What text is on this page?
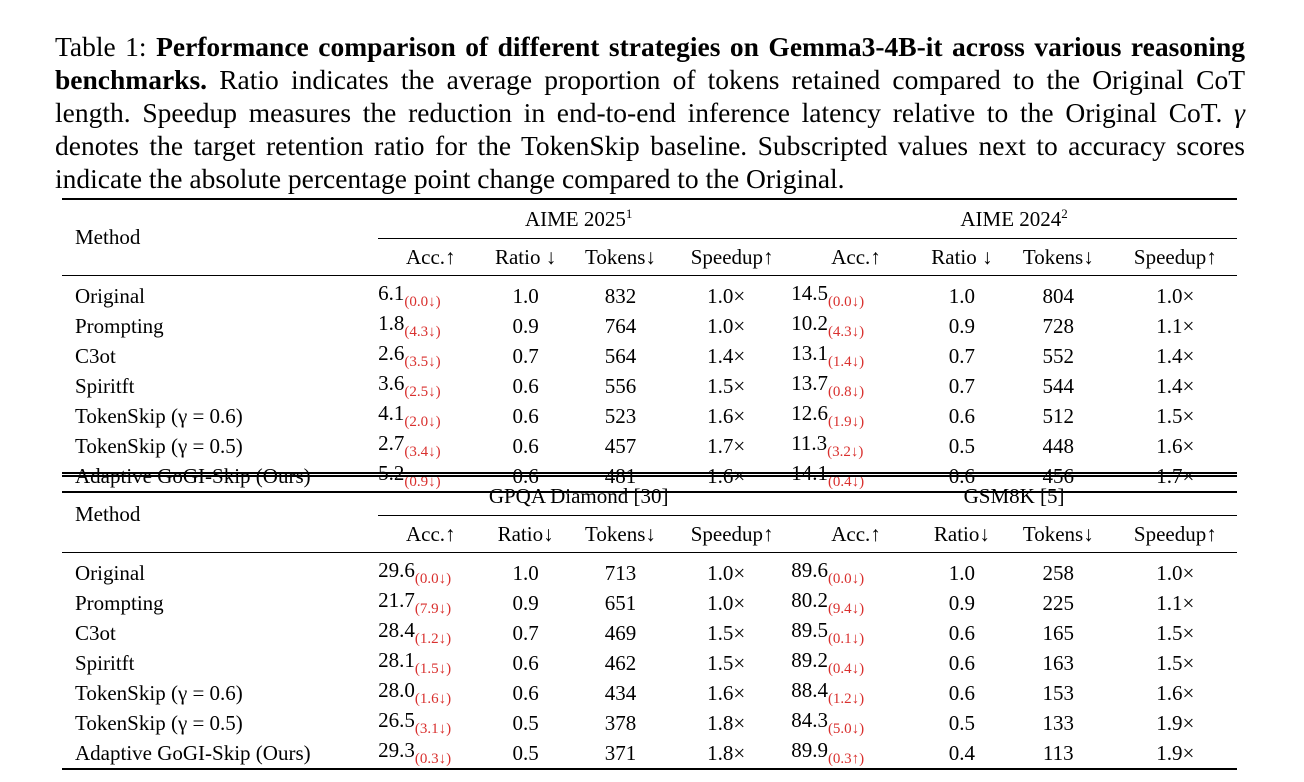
Table 1: Performance comparison of different strategies on Gemma3-4B-it across various reasoning benchmarks. Ratio indicates the average proportion of tokens retained compared to the Original CoT length. Speedup measures the reduction in end-to-end inference latency relative to the Original CoT. γ denotes the target retention ratio for the TokenSkip baseline. Subscripted values next to accuracy scores indicate the absolute percentage point change compared to the Original.
Method	AIME 2025$^1$				AIME 2024$^2$
	Acc.↑	Ratio ↓	Tokens↓	Speedup↑	Acc.↑	Ratio ↓	Tokens↓	Speedup↑
Original	$6.1_{(0.0↓)}$	1.0	832	1.0×	$14.5_{(0.0↓)}$	1.0	804	1.0×
Prompting	$1.8_{(4.3↓)}$	0.9	764	1.0×	$10.2_{(4.3↓)}$	0.9	728	1.1×
C3ot	$2.6_{(3.5↓)}$	0.7	564	1.4×	$13.1_{(1.4↓)}$	0.7	552	1.4×
Spiritft	$3.6_{(2.5↓)}$	0.6	556	1.5×	$13.7_{(0.8↓)}$	0.7	544	1.4×
TokenSkip (γ = 0.6)	$4.1_{(2.0↓)}$	0.6	523	1.6×	$12.6_{(1.9↓)}$	0.6	512	1.5×
TokenSkip (γ = 0.5)	$2.7_{(3.4↓)}$	0.6	457	1.7×	$11.3_{(3.2↓)}$	0.5	448	1.6×
Adaptive GoGI-Skip (Ours)	$5.2_{(0.9↓)}$	0.6	481	1.6×	$14.1_{(0.4↓)}$	0.6	456	1.7×
Method	GPQA Diamond [30]				GSM8K [5]			
	Acc.↑	Ratio↓	Tokens↓	Speedup↑	Acc.↑	Ratio↓	Tokens↓	Speedup↑
Original	$29.6_{(0.0↓)}$	1.0	713	1.0×	$89.6_{(0.0↓)}$	1.0	258	1.0×
Prompting	$21.7_{(7.9↓)}$	0.9	651	1.0×	$80.2_{(9.4↓)}$	0.9	225	1.1×
C3ot	$28.4_{(1.2↓)}$	0.7	469	1.5×	$89.5_{(0.1↓)}$	0.6	165	1.5×
Spiritft	$28.1_{(1.5↓)}$	0.6	462	1.5×	$89.2_{(0.4↓)}$	0.6	163	1.5×
TokenSkip (γ = 0.6)	$28.0_{(1.6↓)}$	0.6	434	1.6×	$88.4_{(1.2↓)}$	0.6	153	1.6×
TokenSkip (γ = 0.5)	$26.5_{(3.1↓)}$	0.5	378	1.8×	$84.3_{(5.0↓)}$	0.5	133	1.9×
Adaptive GoGI-Skip (Ours)	$29.3_{(0.3↓)}$	0.5	371	1.8×	$89.9_{(0.3↑)}$	0.4	113	1.9×
